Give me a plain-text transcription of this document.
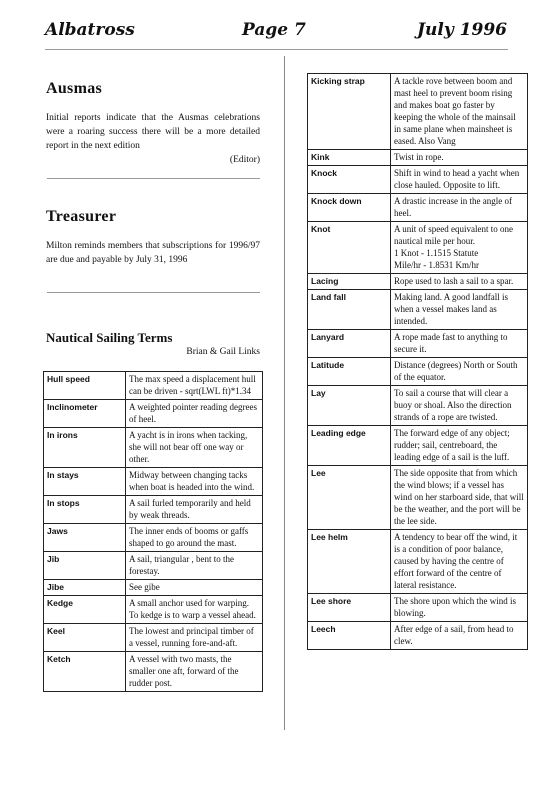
Albatross	Page 7	July 1996
Ausmas
Initial reports indicate that the Ausmas celebrations were a roaring success there will be a more detailed report in the next edition
(Editor)
Treasurer
Milton reminds members that subscriptions for 1996/97 are due and payable by July 31, 1996
Nautical Sailing Terms
Brian & Gail Links
Hull speed	The max speed a displacement hull can be driven - sqrt(LWL ft)*1.34

Inclinometer	A weighted pointer reading degrees of heel.

In irons	A yacht is in irons when tacking, she will not bear off one way or other.

In stays	Midway between changing tacks when boat is headed into the wind.

In stops	A sail furled temporarily and held by weak threads.

Jaws	The inner ends of booms or gaffs shaped to go around the mast.

Jib	A sail, triangular , bent to the forestay.

Jibe	See gibe

Kedge	A small anchor used for warping. To kedge is to warp a vessel ahead.

Keel	The lowest and principal timber of a vessel, running fore-and-aft.

Ketch	A vessel with two masts, the smaller one aft, forward of the rudder post.
Kicking strap	A tackle rove between boom and mast heel to prevent boom rising and makes boat go faster by keeping the whole of the mainsail in same plane when mainsheet is eased. Also Vang

Kink	Twist in rope.

Knock	Shift in wind to head a yacht when close hauled. Opposite to lift.

Knock down	A drastic increase in the angle of heel.

Knot	A unit of speed equivalent to one nautical mile per hour.
1 Knot - 1.1515 Statute
Mile/hr - 1.8531 Km/hr

Lacing	Rope used to lash a sail to a spar.

Land fall	Making land. A good landfall is when a vessel makes land as intended.

Lanyard	A rope made fast to anything to secure it.

Latitude	Distance (degrees) North or South of the equator.

Lay	To sail a course that will clear a buoy or shoal. Also the direction strands of a rope are twisted.

Leading edge	The forward edge of any object; rudder; sail, centreboard, the leading edge of a sail is the luff.

Lee	The side opposite that from which the wind blows; if a vessel has wind on her starboard side, that will be the weather, and the port will be the lee side.

Lee helm	A tendency to bear off the wind, it is a condition of poor balance, caused by having the centre of effort forward of the centre of lateral resistance.

Lee shore	The shore upon which the wind is blowing.

Leech	After edge of a sail, from head to clew.
